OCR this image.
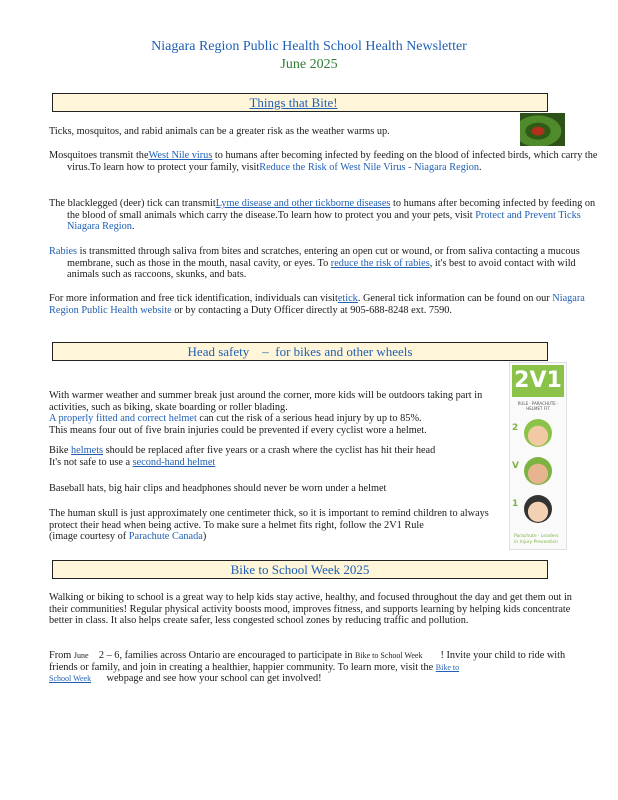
Niagara Region Public Health School Health Newsletter
June 2025
Things that Bite!
Ticks, mosquitos, and rabid animals can be a greater risk as the weather warms up.
Mosquitoes transmit theWest Nile virus to humans after becoming infected by feeding on the blood of infected birds, which carry the virus.To learn how to protect your family, visitReduce the Risk of West Nile Virus - Niagara Region.
The blacklegged (deer) tick can transmitLyme disease and other tickborne diseases to humans after becoming infected by feeding on the blood of small animals which carry the disease.To learn how to protect you and your pets, visit Protect and Prevent Ticks Niagara Region.
Rabies is transmitted through saliva from bites and scratches, entering an open cut or wound, or from saliva contacting a mucous membrane, such as those in the mouth, nasal cavity, or eyes. To reduce the risk of rabies, it's best to avoid contact with wild animals such as raccoons, skunks, and bats.
For more information and free tick identification, individuals can visitetick. General tick information can be found on our Niagara Region Public Health website or by contacting a Duty Officer directly at 905-688-8248 ext. 7590.
Head safety – for bikes and other wheels
With warmer weather and summer break just around the corner, more kids will be outdoors taking part in activities, such as biking, skate boarding or roller blading.
A properly fitted and correct helmet can cut the risk of a serious head injury by up to 85%.
This means four out of five brain injuries could be prevented if every cyclist wore a helmet.
Bike helmets should be replaced after five years or a crash where the cyclist has hit their head
It's not safe to use a second-hand helmet
Baseball hats, big hair clips and headphones should never be worn under a helmet
The human skull is just approximately one centimeter thick, so it is important to remind children to always protect their head when being active. To make sure a helmet fits right, follow the 2V1 Rule
(image courtesy of Parachute Canada)
2V1
RULE · PARACHUTE · HELMET FIT
2
V
1
Parachute · Leaders in Injury Prevention
Bike to School Week 2025
Walking or biking to school is a great way to help kids stay active, healthy, and focused throughout the day and get them out in their communities! Regular physical activity boosts mood, improves fitness, and supports learning by helping kids concentrate better in class. It also helps create safer, less congested school zones by reducing traffic and pollution.
From June 2 – 6, families across Ontario are encouraged to participate in Bike to School Week ! Invite your child to ride with friends or family, and join in creating a healthier, happier community. To learn more, visit the Bike to
School Week      webpage and see how your school can get involved!
